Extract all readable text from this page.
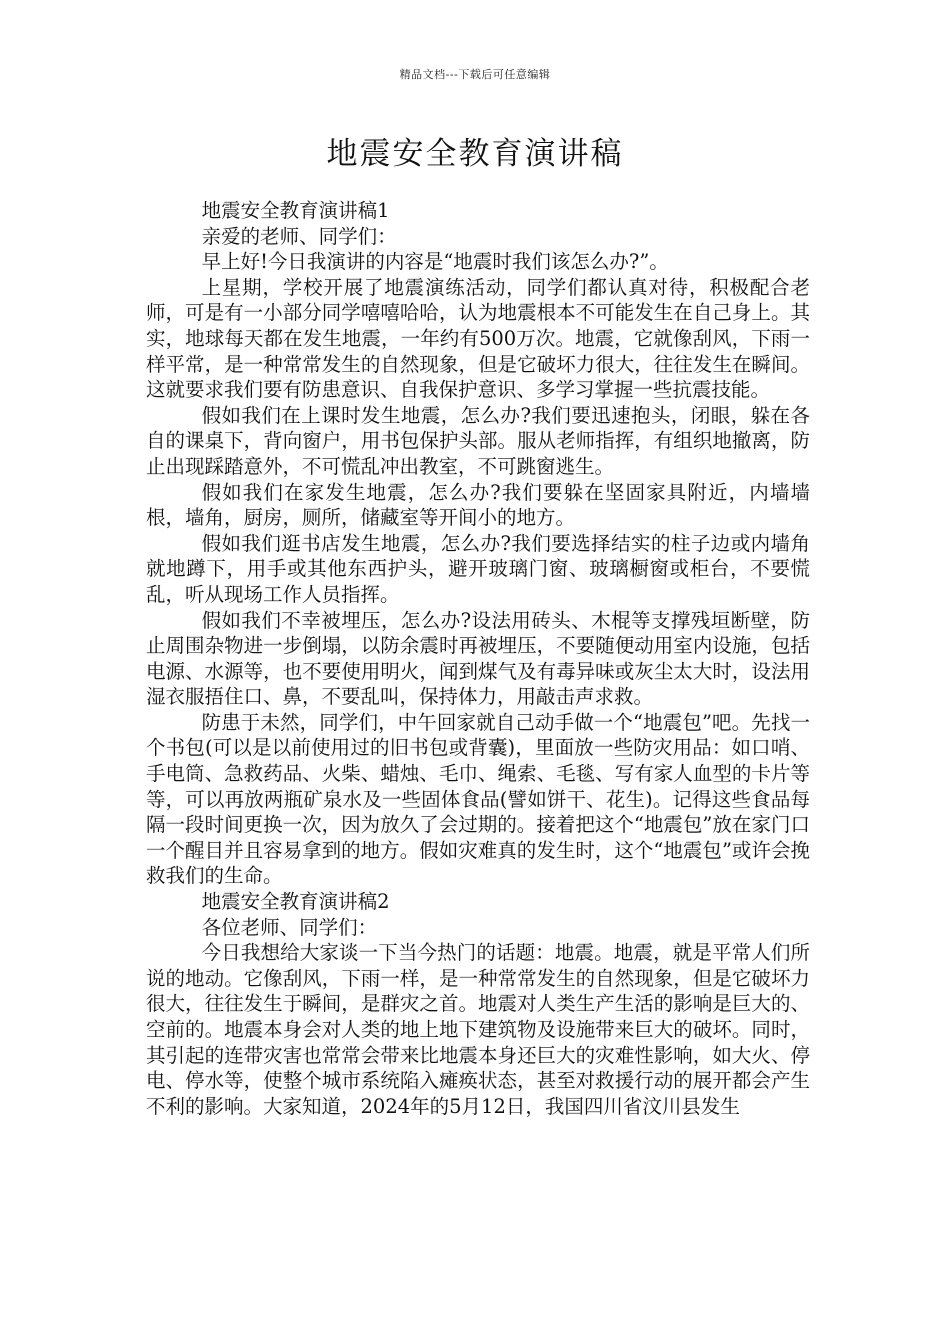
精品文档---下载后可任意编辑
地震安全教育演讲稿

地震安全教育演讲稿1

亲爱的老师、同学们：

早上好!今日我演讲的内容是“地震时我们该怎么办?”。

上星期，学校开展了地震演练活动，同学们都认真对待，积极配合老师，可是有一小部分同学嘻嘻哈哈，认为地震根本不可能发生在自己身上。其实，地球每天都在发生地震，一年约有500万次。地震，它就像刮风，下雨一样平常，是一种常常发生的自然现象，但是它破坏力很大，往往发生在瞬间。这就要求我们要有防患意识、自我保护意识、多学习掌握一些抗震技能。

假如我们在上课时发生地震，怎么办?我们要迅速抱头，闭眼，躲在各自的课桌下，背向窗户，用书包保护头部。服从老师指挥，有组织地撤离，防止出现踩踏意外，不可慌乱冲出教室，不可跳窗逃生。

假如我们在家发生地震，怎么办?我们要躲在坚固家具附近，内墙墙根，墙角，厨房，厕所，储藏室等开间小的地方。

假如我们逛书店发生地震，怎么办?我们要选择结实的柱子边或内墙角就地蹲下，用手或其他东西护头，避开玻璃门窗、玻璃橱窗或柜台，不要慌乱，听从现场工作人员指挥。

假如我们不幸被埋压，怎么办?设法用砖头、木棍等支撑残垣断壁，防止周围杂物进一步倒塌，以防余震时再被埋压，不要随便动用室内设施，包括电源、水源等，也不要使用明火，闻到煤气及有毒异味或灰尘太大时，设法用湿衣服捂住口、鼻，不要乱叫，保持体力，用敲击声求救。

防患于未然，同学们，中午回家就自己动手做一个“地震包”吧。先找一个书包(可以是以前使用过的旧书包或背囊)，里面放一些防灾用品：如口哨、手电筒、急救药品、火柴、蜡烛、毛巾、绳索、毛毯、写有家人血型的卡片等等，可以再放两瓶矿泉水及一些固体食品(譬如饼干、花生)。记得这些食品每隔一段时间更换一次，因为放久了会过期的。接着把这个“地震包”放在家门口一个醒目并且容易拿到的地方。假如灾难真的发生时，这个“地震包”或许会挽救我们的生命。

地震安全教育演讲稿2

各位老师、同学们：

今日我想给大家谈一下当今热门的话题：地震。地震，就是平常人们所说的地动。它像刮风，下雨一样，是一种常常发生的自然现象，但是它破坏力很大，往往发生于瞬间，是群灾之首。地震对人类生产生活的影响是巨大的、空前的。地震本身会对人类的地上地下建筑物及设施带来巨大的破坏。同时，其引起的连带灾害也常常会带来比地震本身还巨大的灾难性影响，如大火、停电、停水等，使整个城市系统陷入瘫痪状态，甚至对救援行动的展开都会产生不利的影响。大家知道，2024年的5月12日，我国四川省汶川县发生
